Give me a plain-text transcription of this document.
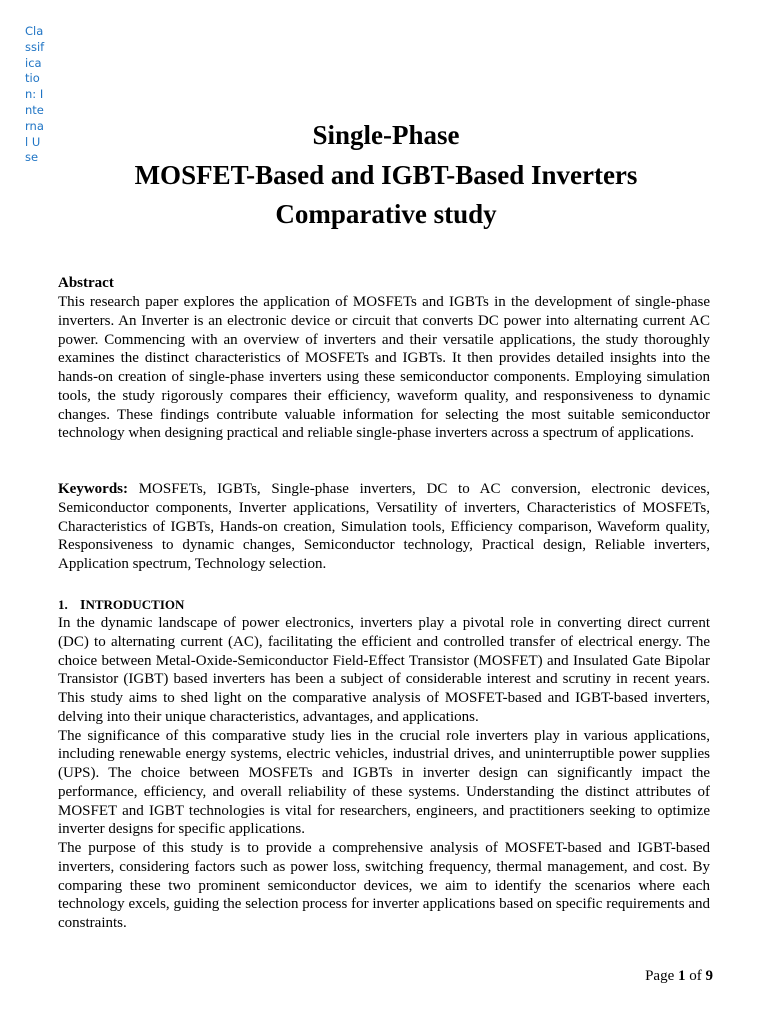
Classification: Internal Use
Single-Phase
MOSFET-Based and IGBT-Based Inverters
Comparative study
Abstract

This research paper explores the application of MOSFETs and IGBTs in the development of single-phase inverters. An Inverter is an electronic device or circuit that converts DC power into alternating current AC power. Commencing with an overview of inverters and their versatile applications, the study thoroughly examines the distinct characteristics of MOSFETs and IGBTs. It then provides detailed insights into the hands-on creation of single-phase inverters using these semiconductor components. Employing simulation tools, the study rigorously compares their efficiency, waveform quality, and responsiveness to dynamic changes. These findings contribute valuable information for selecting the most suitable semiconductor technology when designing practical and reliable single-phase inverters across a spectrum of applications.

Keywords: MOSFETs, IGBTs, Single-phase inverters, DC to AC conversion, electronic devices, Semiconductor components, Inverter applications, Versatility of inverters, Characteristics of MOSFETs, Characteristics of IGBTs, Hands-on creation, Simulation tools, Efficiency comparison, Waveform quality, Responsiveness to dynamic changes, Semiconductor technology, Practical design, Reliable inverters, Application spectrum, Technology selection.

1. INTRODUCTION

In the dynamic landscape of power electronics, inverters play a pivotal role in converting direct current (DC) to alternating current (AC), facilitating the efficient and controlled transfer of electrical energy. The choice between Metal-Oxide-Semiconductor Field-Effect Transistor (MOSFET) and Insulated Gate Bipolar Transistor (IGBT) based inverters has been a subject of considerable interest and scrutiny in recent years. This study aims to shed light on the comparative analysis of MOSFET-based and IGBT-based inverters, delving into their unique characteristics, advantages, and applications.

The significance of this comparative study lies in the crucial role inverters play in various applications, including renewable energy systems, electric vehicles, industrial drives, and uninterruptible power supplies (UPS). The choice between MOSFETs and IGBTs in inverter design can significantly impact the performance, efficiency, and overall reliability of these systems. Understanding the distinct attributes of MOSFET and IGBT technologies is vital for researchers, engineers, and practitioners seeking to optimize inverter designs for specific applications.

The purpose of this study is to provide a comprehensive analysis of MOSFET-based and IGBT-based inverters, considering factors such as power loss, switching frequency, thermal management, and cost. By comparing these two prominent semiconductor devices, we aim to identify the scenarios where each technology excels, guiding the selection process for inverter applications based on specific requirements and constraints.

Page 1 of 9
